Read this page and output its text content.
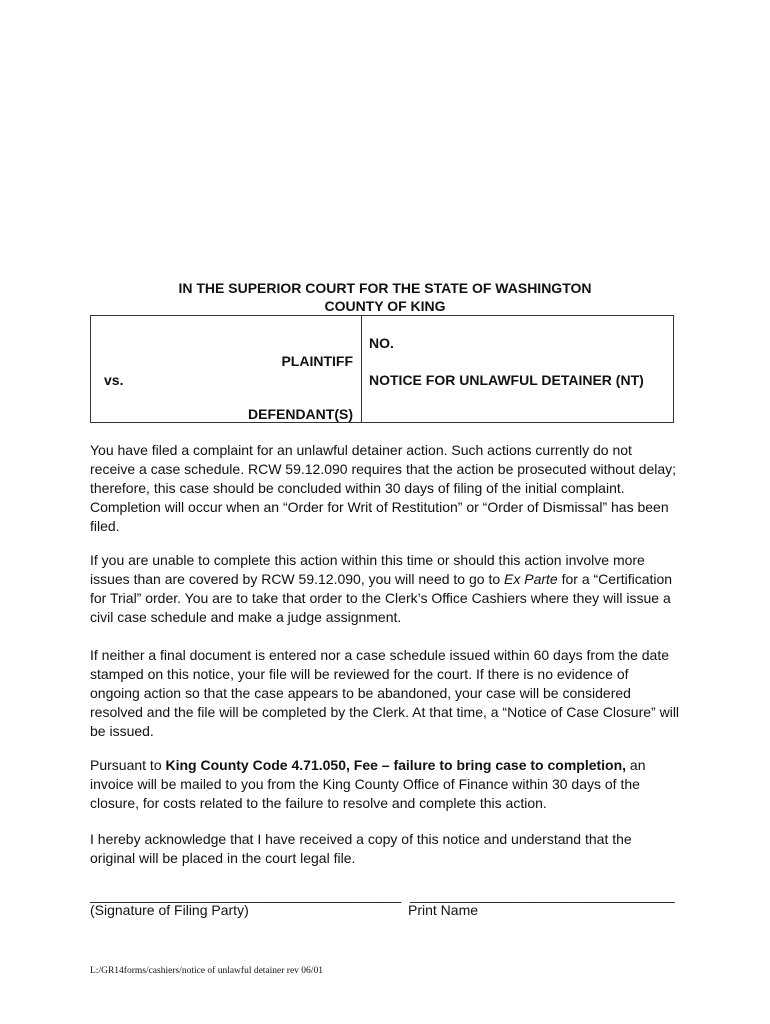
IN THE SUPERIOR COURT FOR THE STATE OF WASHINGTON
COUNTY OF KING
PLAINTIFF
vs.
DEFENDANT(S)
NO.
NOTICE FOR UNLAWFUL DETAINER (NT)

You have filed a complaint for an unlawful detainer action. Such actions currently do not receive a case schedule. RCW 59.12.090 requires that the action be prosecuted without delay; therefore, this case should be concluded within 30 days of filing of the initial complaint. Completion will occur when an “Order for Writ of Restitution” or “Order of Dismissal” has been filed.

If you are unable to complete this action within this time or should this action involve more issues than are covered by RCW 59.12.090, you will need to go to Ex Parte for a “Certification for Trial” order. You are to take that order to the Clerk’s Office Cashiers where they will issue a civil case schedule and make a judge assignment.

If neither a final document is entered nor a case schedule issued within 60 days from the date stamped on this notice, your file will be reviewed for the court. If there is no evidence of ongoing action so that the case appears to be abandoned, your case will be considered resolved and the file will be completed by the Clerk. At that time, a “Notice of Case Closure” will be issued.

Pursuant to King County Code 4.71.050, Fee – failure to bring case to completion, an invoice will be mailed to you from the King County Office of Finance within 30 days of the closure, for costs related to the failure to resolve and complete this action.

I hereby acknowledge that I have received a copy of this notice and understand that the original will be placed in the court legal file.

________________________________________ __________________________________
(Signature of Filing Party)	Print Name
L:/GR14forms/cashiers/notice of unlawful detainer rev 06/01
